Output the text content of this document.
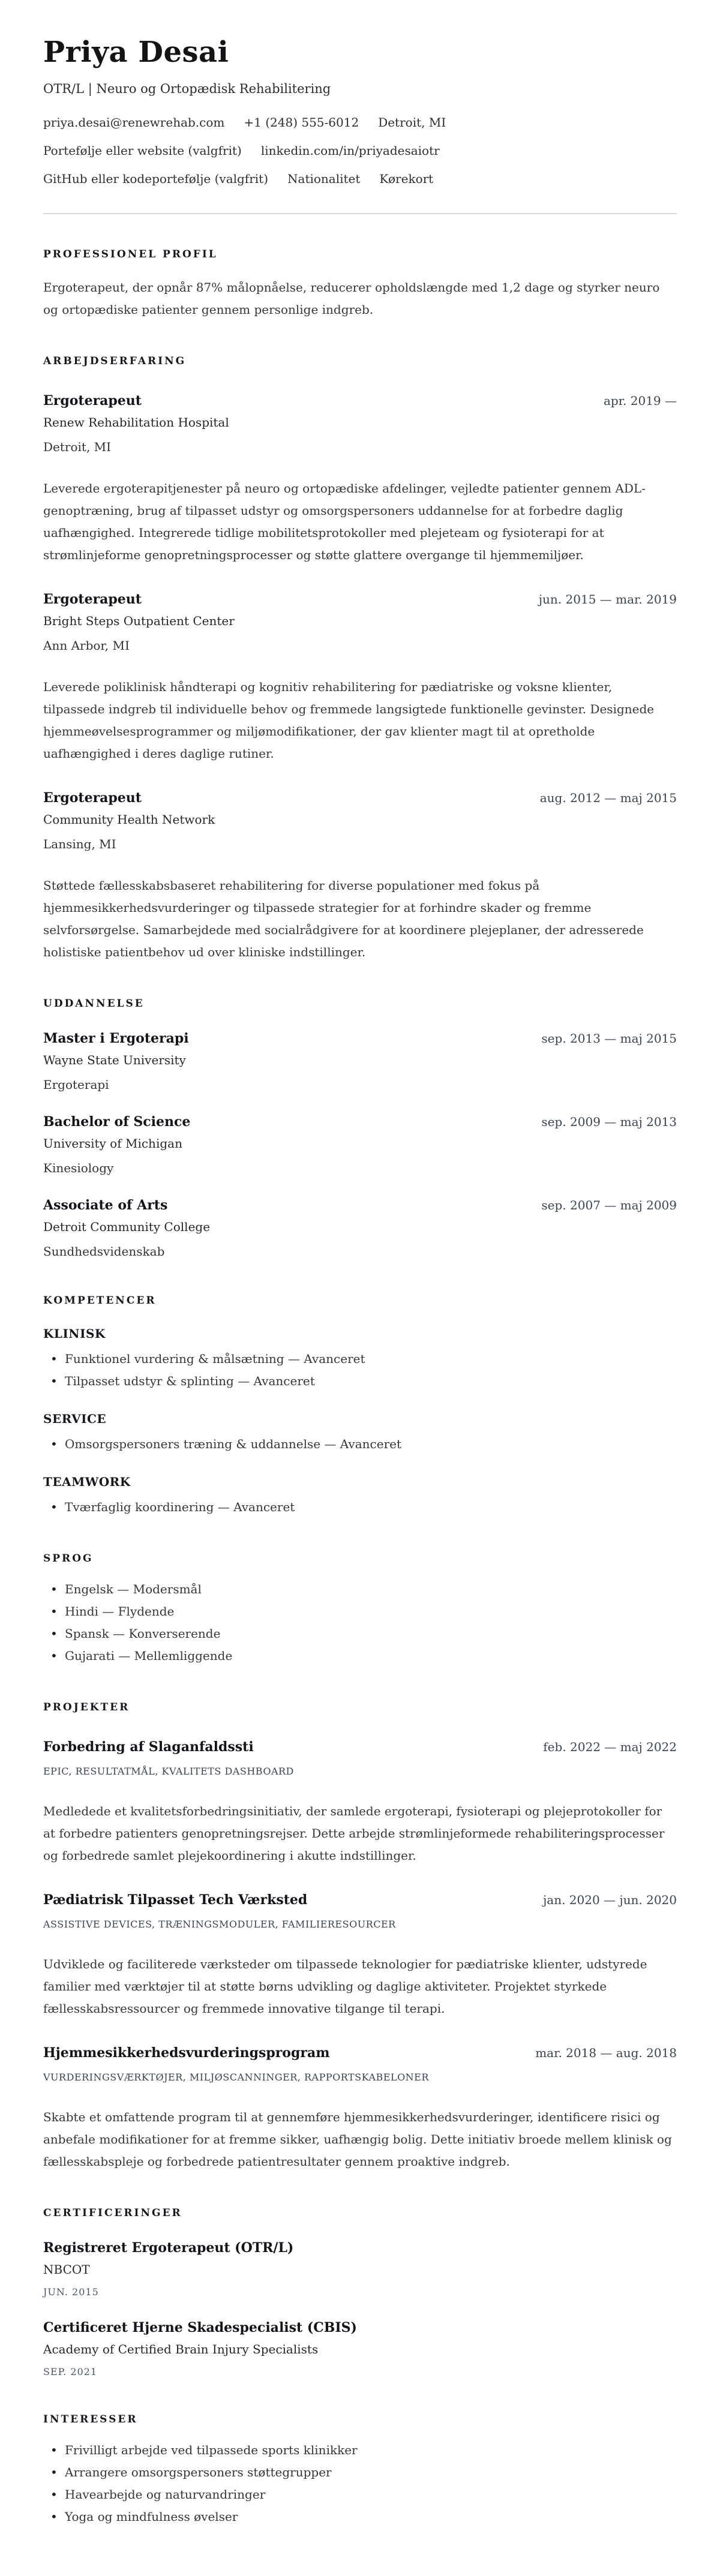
Priya Desai
OTR/L | Neuro og Ortopædisk Rehabilitering
priya.desai@renewrehab.com +1 (248) 555-6012 Detroit, MI
Portefølje eller website (valgfrit) linkedin.com/in/priyadesaiotr
GitHub eller kodeportefølje (valgfrit) Nationalitet Kørekort
PROFESSIONEL PROFIL

Ergoterapeut, der opnår 87% målopnåelse, reducerer opholdslængde med 1,2 dage og styrker neuro og ortopædiske patienter gennem personlige indgreb.

ARBEJDSERFARING
Ergoterapeut	apr. 2019 —
Renew Rehabilitation Hospital
Detroit, MI

Leverede ergoterapitjenester på neuro og ortopædiske afdelinger, vejledte patienter gennem ADL-genoptræning, brug af tilpasset udstyr og omsorgspersoners uddannelse for at forbedre daglig uafhængighed. Integrerede tidlige mobilitetsprotokoller med plejeteam og fysioterapi for at strømlinjeforme genopretningsprocesser og støtte glattere overgange til hjemmemiljøer.

Ergoterapeut	jun. 2015 — mar. 2019
Bright Steps Outpatient Center
Ann Arbor, MI

Leverede poliklinisk håndterapi og kognitiv rehabilitering for pædiatriske og voksne klienter, tilpassede indgreb til individuelle behov og fremmede langsigtede funktionelle gevinster. Designede hjemmeøvelsesprogrammer og miljømodifikationer, der gav klienter magt til at opretholde uafhængighed i deres daglige rutiner.

Ergoterapeut	aug. 2012 — maj 2015
Community Health Network
Lansing, MI

Støttede fællesskabsbaseret rehabilitering for diverse populationer med fokus på hjemmesikkerhedsvurderinger og tilpassede strategier for at forhindre skader og fremme selvforsørgelse. Samarbejdede med socialrådgivere for at koordinere plejeplaner, der adresserede holistiske patientbehov ud over kliniske indstillinger.

UDDANNELSE
Master i Ergoterapi	sep. 2013 — maj 2015
Wayne State University
Ergoterapi
Bachelor of Science	sep. 2009 — maj 2013
University of Michigan
Kinesiology
Associate of Arts	sep. 2007 — maj 2009
Detroit Community College
Sundhedsvidenskab
KOMPETENCER
KLINISK
• Funktionel vurdering & målsætning — Avanceret
• Tilpasset udstyr & splinting — Avanceret
SERVICE
• Omsorgspersoners træning & uddannelse — Avanceret
TEAMWORK
• Tværfaglig koordinering — Avanceret
SPROG
• Engelsk — Modersmål
• Hindi — Flydende
• Spansk — Konverserende
• Gujarati — Mellemliggende
PROJEKTER
Forbedring af Slaganfaldssti	feb. 2022 — maj 2022
EPIC, RESULTATMÅL, KVALITETS DASHBOARD

Medledede et kvalitetsforbedringsinitiativ, der samlede ergoterapi, fysioterapi og plejeprotokoller for at forbedre patienters genopretningsrejser. Dette arbejde strømlinjeformede rehabiliteringsprocesser og forbedrede samlet plejekoordinering i akutte indstillinger.

Pædiatrisk Tilpasset Tech Værksted	jan. 2020 — jun. 2020
ASSISTIVE DEVICES, TRÆNINGSMODULER, FAMILIERESOURCER

Udviklede og faciliterede værksteder om tilpassede teknologier for pædiatriske klienter, udstyrede familier med værktøjer til at støtte børns udvikling og daglige aktiviteter. Projektet styrkede fællesskabsressourcer og fremmede innovative tilgange til terapi.

Hjemmesikkerhedsvurderingsprogram	mar. 2018 — aug. 2018
VURDERINGSVÆRKTØJER, MILJØSCANNINGER, RAPPORTSKABELONER

Skabte et omfattende program til at gennemføre hjemmesikkerhedsvurderinger, identificere risici og anbefale modifikationer for at fremme sikker, uafhængig bolig. Dette initiativ broede mellem klinisk og fællesskabspleje og forbedrede patientresultater gennem proaktive indgreb.

CERTIFICERINGER
Registreret Ergoterapeut (OTR/L)
NBCOT
JUN. 2015
Certificeret Hjerne Skadespecialist (CBIS)
Academy of Certified Brain Injury Specialists
SEP. 2021
INTERESSER
• Frivilligt arbejde ved tilpassede sports klinikker
• Arrangere omsorgspersoners støttegrupper
• Havearbejde og naturvandringer
• Yoga og mindfulness øvelser
